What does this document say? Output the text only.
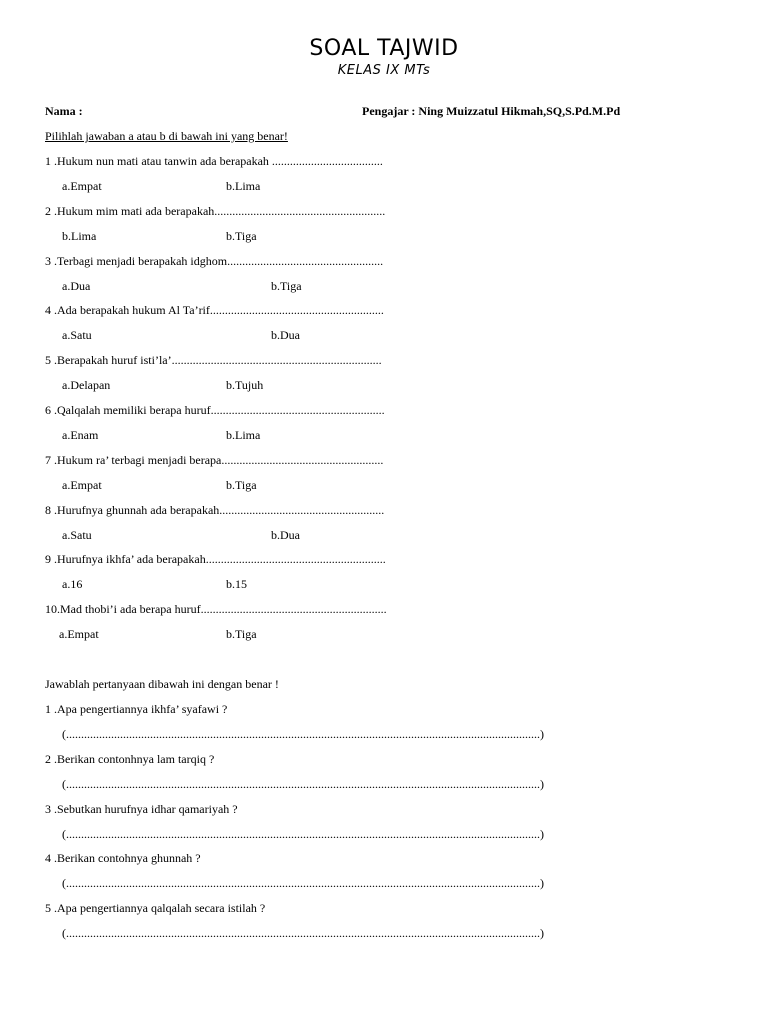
SOAL TAJWID
KELAS IX MTs
Nama :	Pengajar : Ning Muizzatul Hikmah,SQ,S.Pd.M.Pd
Pilihlah jawaban a atau b di bawah ini yang benar!
1 .Hukum nun mati atau tanwin ada berapakah .....................................
a.Empat	b.Lima
2 .Hukum mim mati ada berapakah.........................................................
b.Lima	b.Tiga
3 .Terbagi menjadi berapakah idghom....................................................
a.Dua	b.Tiga
4 .Ada berapakah hukum Al Ta’rif..........................................................
a.Satu	b.Dua
5 .Berapakah huruf isti’la’......................................................................
a.Delapan	b.Tujuh
6 .Qalqalah memiliki berapa huruf..........................................................
a.Enam	b.Lima
7 .Hukum ra’ terbagi menjadi berapa......................................................
a.Empat	b.Tiga
8 .Hurufnya ghunnah ada berapakah.......................................................
a.Satu	b.Dua
9 .Hurufnya ikhfa’ ada berapakah............................................................
a.16	b.15
10.Mad thobi’i ada berapa huruf..............................................................
a.Empat	b.Tiga
Jawablah pertanyaan dibawah ini dengan benar !
1 .Apa pengertiannya ikhfa’ syafawi ?
(..............................................................................................................................................................)
2 .Berikan contonhnya lam tarqiq ?
(..............................................................................................................................................................)
3 .Sebutkan hurufnya idhar qamariyah ?
(..............................................................................................................................................................)
4 .Berikan contohnya ghunnah ?
(..............................................................................................................................................................)
5 .Apa pengertiannya qalqalah secara istilah ?
(..............................................................................................................................................................)
